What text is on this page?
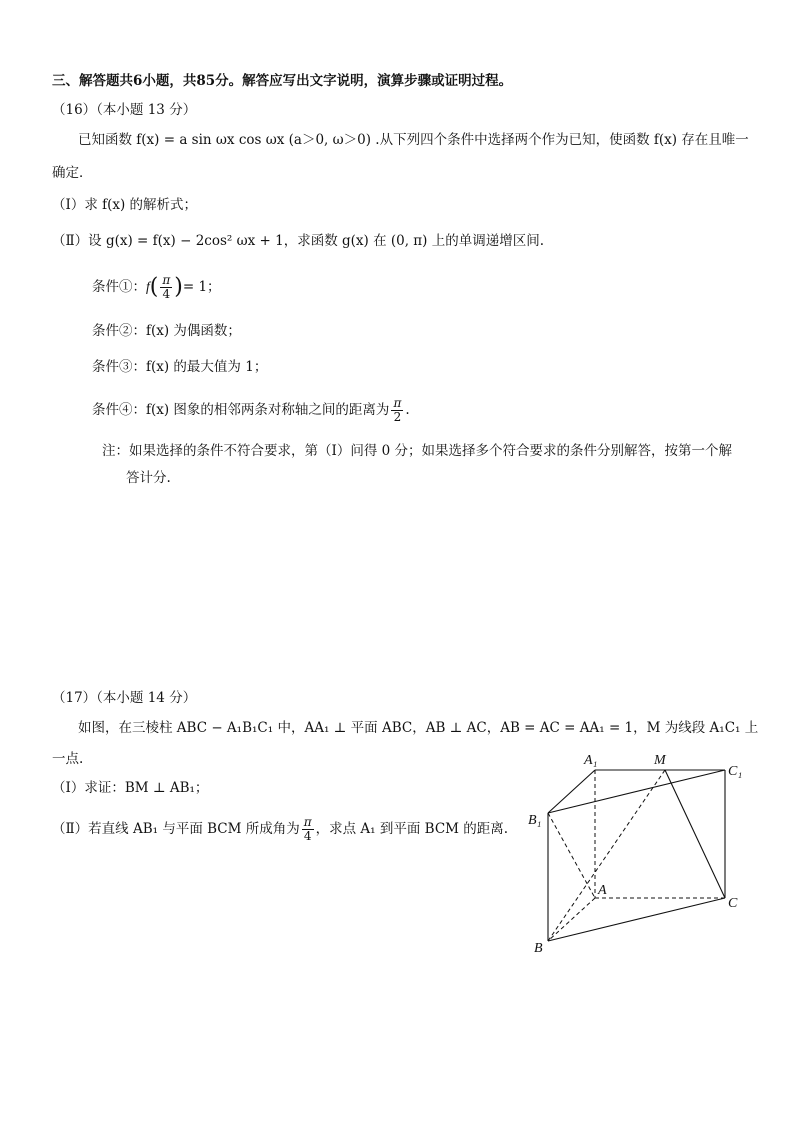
三、解答题共6小题，共85分。解答应写出文字说明，演算步骤或证明过程。
（16）（本小题 13 分）
已知函数 f(x) = a sin ωx cos ωx (a＞0, ω＞0) .从下列四个条件中选择两个作为已知，使函数 f(x) 存在且唯一
确定．
（Ⅰ）求 f(x) 的解析式；
（Ⅱ）设 g(x) = f(x) − 2cos² ωx + 1，求函数 g(x) 在 (0, π) 上的单调递增区间.
条件①：$f( \frac{\pi}{4}$ )= 1；
条件②：f(x) 为偶函数；
条件③：f(x) 的最大值为 1；
条件④：f(x) 图象的相邻两条对称轴之间的距离为 $\frac{\pi}{2}$ .
注：如果选择的条件不符合要求，第（Ⅰ）问得 0 分；如果选择多个符合要求的条件分别解答，按第一个解
答计分.
（17）（本小题 14 分）
如图，在三棱柱 ABC − A₁B₁C₁ 中，AA₁ ⊥ 平面 ABC，AB ⊥ AC，AB = AC = AA₁ = 1，M 为线段 A₁C₁ 上
一点.
（Ⅰ）求证：BM ⊥ AB₁；
（Ⅱ）若直线 AB₁ 与平面 BCM 所成角为 $\frac{\pi}{4}$ ，求点 A₁ 到平面 BCM 的距离.
A₁	M
C₁
B₁
A
C
B
